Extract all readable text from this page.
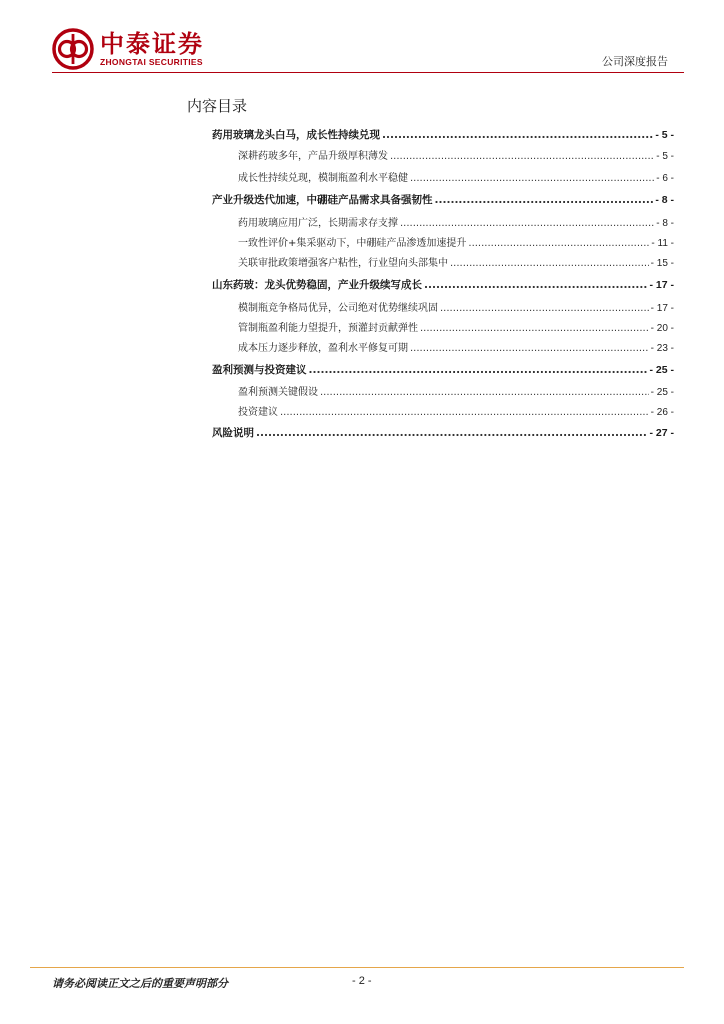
中泰证券
ZHONGTAI SECURITIES	公司深度报告
内容目录
药用玻璃龙头白马，成长性持续兑现 .....	- 5 -
深耕药玻多年，产品升级厚积薄发 .....	- 5 -
成长性持续兑现，模制瓶盈利水平稳健 .....	- 6 -
产业升级迭代加速，中硼硅产品需求具备强韧性 .....	- 8 -
药用玻璃应用广泛，长期需求存支撑 .....	- 8 -
一致性评价+集采驱动下，中硼硅产品渗透加速提升 .....	- 11 -
关联审批政策增强客户粘性，行业望向头部集中 .....	- 15 -
山东药玻：龙头优势稳固，产业升级续写成长 .....	- 17 -
模制瓶竞争格局优异，公司绝对优势继续巩固 .....	- 17 -
管制瓶盈利能力望提升，预灌封贡献弹性 .....	- 20 -
成本压力逐步释放，盈利水平修复可期 .....	- 23 -
盈利预测与投资建议 .....	- 25 -
盈利预测关键假设 .....	- 25 -
投资建议 .....	- 26 -
风险说明 .....	- 27 -
请务必阅读正文之后的重要声明部分	- 2 -
